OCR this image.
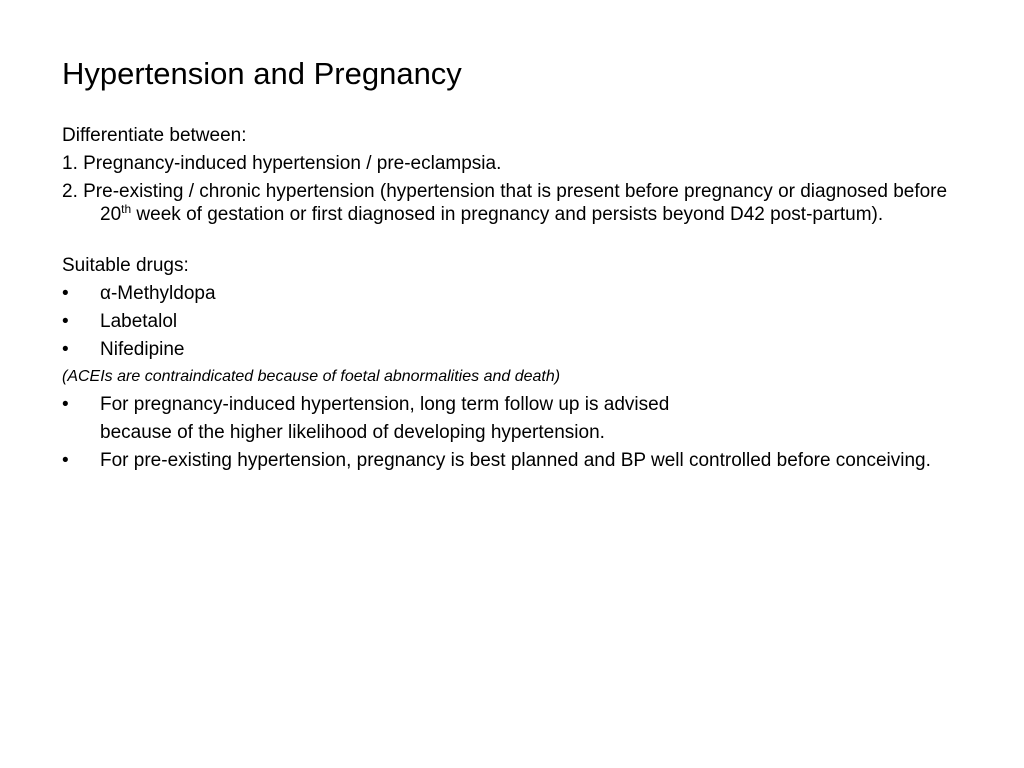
Hypertension and Pregnancy

Differentiate between:

1. Pregnancy-induced hypertension / pre-eclampsia.

2. Pre-existing / chronic hypertension (hypertension that is present before pregnancy or diagnosed before 20th week of gestation or first diagnosed in pregnancy and persists beyond D42 post-partum).

Suitable drugs:

•	α-Methyldopa
•	Labetalol
•	Nifedipine

(ACEIs are contraindicated because of foetal abnormalities and death)

•	For pregnancy-induced hypertension, long term follow up is advised

because of the higher likelihood of developing hypertension.

•	For pre-existing hypertension, pregnancy is best planned and BP well controlled before conceiving.
